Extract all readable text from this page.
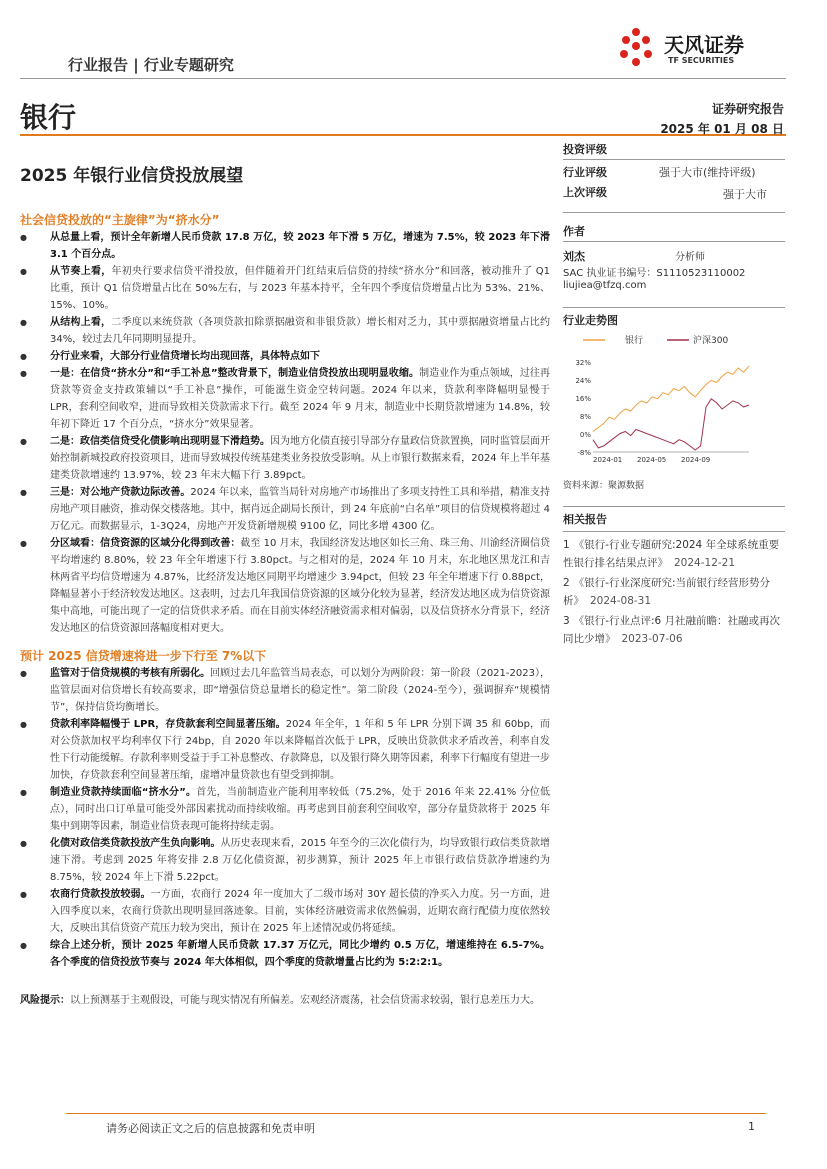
行业报告 | 行业专题研究
天风证券
TF SECURITIES
银行	证券研究报告
2025 年 01 月 08 日
2025 年银行业信贷投放展望
社会信贷投放的“主旋律”为“挤水分”
●	从总量上看，预计全年新增人民币贷款 17.8 万亿，较 2023 年下滑 5 万亿，增速为 7.5%，较 2023 年下滑 3.1 个百分点。
●	从节奏上看，年初央行要求信贷平滑投放，但伴随着开门红结束后信贷的持续“挤水分”和回落，被动推升了 Q1 比重，预计 Q1 信贷增量占比在 50%左右，与 2023 年基本持平，全年四个季度信贷增量占比为 53%、21%、15%、10%。
●	从结构上看，二季度以来统贷款（各项贷款扣除票据融资和非银贷款）增长相对乏力，其中票据融资增量占比约 34%，较过去几年同期明显提升。
●	分行业来看，大部分行业信贷增长均出现回落，具体特点如下
●	一是：在信贷“挤水分”和“手工补息”整改背景下，制造业信贷投放出现明显收缩。制造业作为重点领域，过往再贷款等资金支持政策辅以“手工补息”操作，可能滋生资金空转问题。2024 年以来，贷款利率降幅明显慢于 LPR，套利空间收窄，进而导致相关贷款需求下行。截至 2024 年 9 月末，制造业中长期贷款增速为 14.8%，较年初下降近 17 个百分点，“挤水分”效果显著。
●	二是：政信类信贷受化债影响出现明显下滑趋势。因为地方化债直接引导部分存量政信贷款置换，同时监管层面开始控制新城投政府投资项目，进而导致城投传统基建类业务投放受影响。从上市银行数据来看，2024 年上半年基建类贷款增速约 13.97%，较 23 年末大幅下行 3.89pct。
●	三是：对公地产贷款边际改善。2024 年以来，监管当局针对房地产市场推出了多项支持性工具和举措，精准支持房地产项目融资，推动保交楼落地。其中，据肖远企副局长预计，到 24 年底前“白名单”项目的信贷规模将超过 4 万亿元。而数据显示，1-3Q24，房地产开发贷新增规模 9100 亿，同比多增 4300 亿。
●	分区域看：信贷资源的区域分化得到改善：截至 10 月末，我国经济发达地区如长三角、珠三角、川渝经济圈信贷平均增速约 8.80%，较 23 年全年增速下行 3.80pct。与之相对的是，2024 年 10 月末，东北地区黑龙江和吉林两省平均信贷增速为 4.87%，比经济发达地区同期平均增速少 3.94pct，但较 23 年全年增速下行 0.88pct，降幅显著小于经济较发达地区。这表明，过去几年我国信贷资源的区域分化较为显著，经济发达地区成为信贷资源集中高地，可能出现了一定的信贷供求矛盾。而在目前实体经济融资需求相对偏弱，以及信贷挤水分背景下，经济发达地区的信贷资源回落幅度相对更大。
预计 2025 信贷增速将进一步下行至 7%以下
●	监管对于信贷规模的考核有所弱化。回顾过去几年监管当局表态，可以划分为两阶段：第一阶段（2021-2023），监管层面对信贷增长有较高要求，即“增强信贷总量增长的稳定性”。第二阶段（2024-至今），强调摒弃“规模情节”，保持信贷均衡增长。
●	贷款利率降幅慢于 LPR，存贷款套利空间显著压缩。2024 年全年，1 年和 5 年 LPR 分别下调 35 和 60bp，而对公贷款加权平均利率仅下行 24bp，自 2020 年以来降幅首次低于 LPR，反映出贷款供求矛盾改善，利率自发性下行动能缓解。存款利率则受益于手工补息整改、存款降息，以及银行降久期等因素，利率下行幅度有望进一步加快，存贷款套利空间显著压缩，虚增冲量贷款也有望受到抑制。
●	制造业贷款持续面临“挤水分”。首先，当前制造业产能利用率较低（75.2%，处于 2016 年来 22.41% 分位低点），同时出口订单量可能受外部因素扰动而持续收缩。再考虑到目前套利空间收窄，部分存量贷款将于 2025 年集中到期等因素，制造业信贷表现可能将持续走弱。
●	化债对政信类贷款投放产生负向影响。从历史表现来看，2015 年至今的三次化债行为，均导致银行政信类贷款增速下滑。考虑到 2025 年将安排 2.8 万亿化债资源，初步测算，预计 2025 年上市银行政信贷款净增速约为 8.75%，较 2024 年上下滑 5.22pct。
●	农商行贷款投放较弱。一方面，农商行 2024 年一度加大了二级市场对 30Y 超长债的净买入力度。另一方面，进入四季度以来，农商行贷款出现明显回落迹象。目前，实体经济融资需求依然偏弱，近期农商行配债力度依然较大，反映出其信贷资产荒压力较为突出，预计在 2025 年上述情况或仍将延续。
●	综合上述分析，预计 2025 年新增人民币贷款 17.37 万亿元，同比少增约 0.5 万亿，增速维持在 6.5-7%。各个季度的信贷投放节奏与 2024 年大体相似，四个季度的贷款增量占比约为 5:2:2:1。
风险提示：以上预测基于主观假设，可能与现实情况有所偏差。宏观经济震荡，社会信贷需求较弱，银行息差压力大。
投资评级
行业评级	强于大市(维持评级)
上次评级	强于大市
作者
刘杰	分析师
SAC 执业证书编号：S1110523110002
liujiea@tfzq.com
行业走势图
银行	沪深300
32%
24%
16%
8%
0%
-8%
2024-01 2024-05 2024-09
资料来源：聚源数据
相关报告
1 《银行-行业专题研究:2024 年全球系统重要性银行排名结果点评》 2024-12-21
2 《银行-行业深度研究:当前银行经营形势分析》 2024-08-31
3 《银行-行业点评:6 月社融前瞻：社融或再次同比少增》 2023-07-06
请务必阅读正文之后的信息披露和免责申明	1
